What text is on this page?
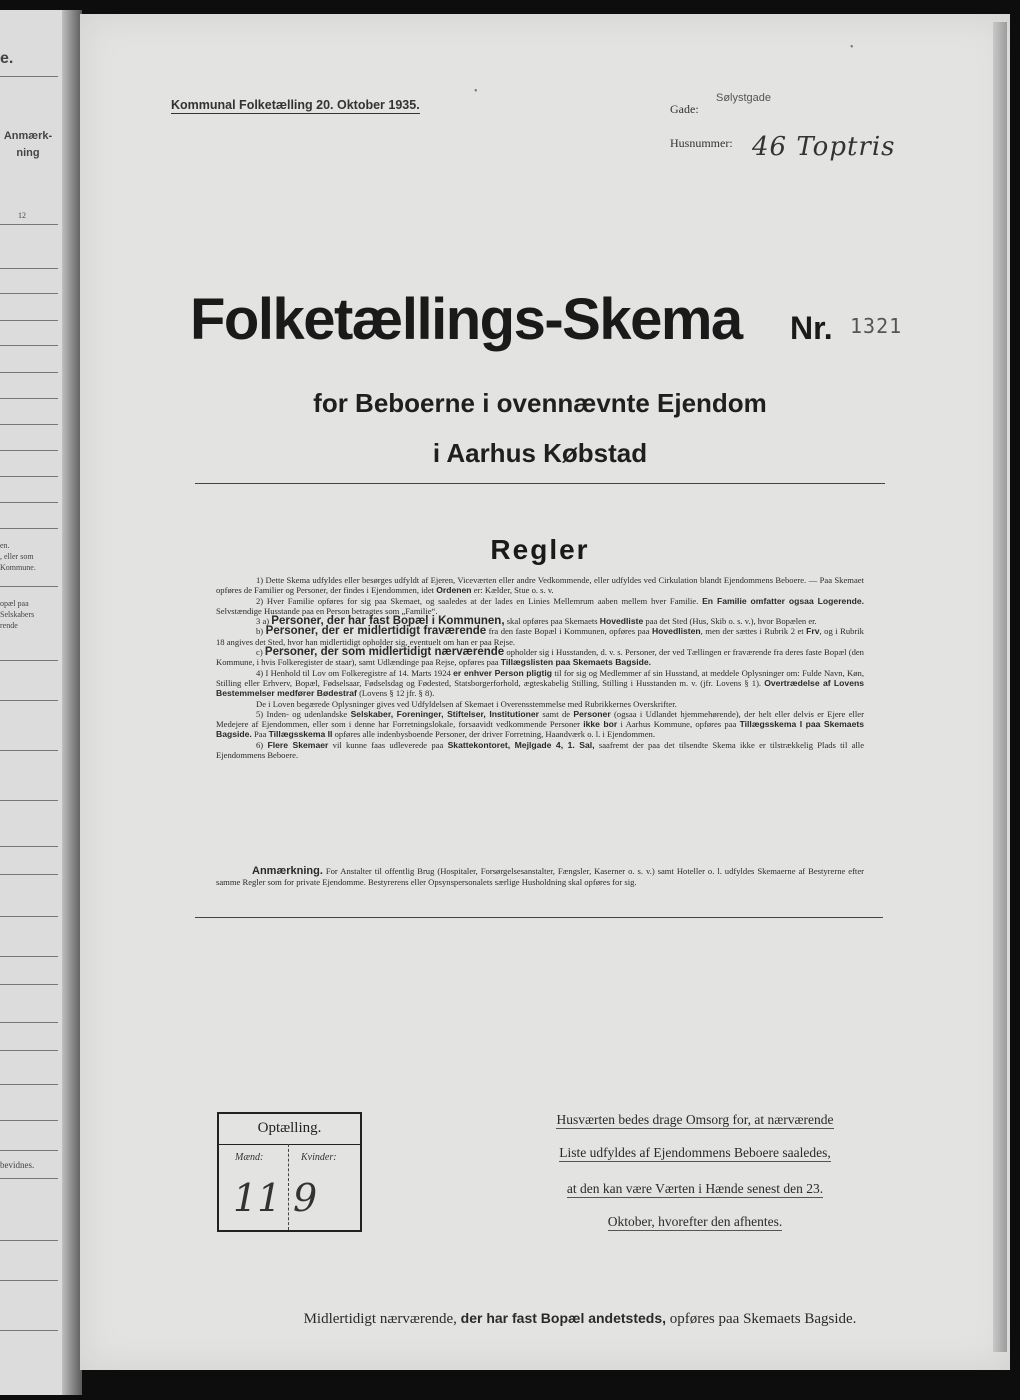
e.
Anmærk-
ning
12
en.
, eller som
Kommune.
opæl paa
Selskabers
rende
bevidnes.
Kommunal Folketælling 20. Oktober 1935.	Gade:
Sølystgade
Husnummer: 46 Toptris
Folketællings-Skema Nr. 1321
for Beboerne i ovennævnte Ejendom
i Aarhus Købstad
Regler

1) Dette Skema udfyldes eller besørges udfyldt af Ejeren, Viceværten eller andre Vedkommende, eller udfyldes ved Cirkulation blandt Ejendommens Beboere. — Paa Skemaet opføres de Familier og Personer, der findes i Ejendommen, idet Ordenen er: Kælder, Stue o. s. v.

2) Hver Familie opføres for sig paa Skemaet, og saaledes at der lades en Linies Mellemrum aaben mellem hver Familie. En Familie omfatter ogsaa Logerende. Selvstændige Husstande paa en Person betragtes som „Familie“.

3 a) Personer, der har fast Bopæl i Kommunen, skal opføres paa Skemaets Hovedliste paa det Sted (Hus, Skib o. s. v.), hvor Bopælen er.

b) Personer, der er midlertidigt fraværende fra den faste Bopæl i Kommunen, opføres paa Hovedlisten, men der sættes i Rubrik 2 et Frv, og i Rubrik 18 angives det Sted, hvor han midlertidigt opholder sig, eventuelt om han er paa Rejse.

c) Personer, der som midlertidigt nærværende opholder sig i Husstanden, d. v. s. Personer, der ved Tællingen er fraværende fra deres faste Bopæl (den Kommune, i hvis Folkeregister de staar), samt Udlændinge paa Rejse, opføres paa Tillægslisten paa Skemaets Bagside.

4) I Henhold til Lov om Folkeregistre af 14. Marts 1924 er enhver Person pligtig til for sig og Medlemmer af sin Husstand, at meddele Oplysninger om: Fulde Navn, Køn, Stilling eller Erhverv, Bopæl, Fødselsaar, Fødselsdag og Fødested, Statsborgerforhold, ægteskabelig Stilling, Stilling i Husstanden m. v. (jfr. Lovens § 1). Overtrædelse af Lovens Bestemmelser medfører Bødestraf (Lovens § 12 jfr. § 8).

De i Loven begærede Oplysninger gives ved Udfyldelsen af Skemaet i Overensstemmelse med Rubrikkernes Overskrifter.

5) Inden- og udenlandske Selskaber, Foreninger, Stiftelser, Institutioner samt de Personer (ogsaa i Udlandet hjemmehørende), der helt eller delvis er Ejere eller Medejere af Ejendommen, eller som i denne har Forretningslokale, forsaavidt vedkommende Personer ikke bor i Aarhus Kommune, opføres paa Tillægsskema I paa Skemaets Bagside. Paa Tillægsskema II opføres alle indenbysboende Personer, der driver Forretning, Haandværk o. l. i Ejendommen.

6) Flere Skemaer vil kunne faas udleverede paa Skattekontoret, Mejlgade 4, 1. Sal, saafremt der paa det tilsendte Skema ikke er tilstrækkelig Plads til alle Ejendommens Beboere.

Anmærkning. For Anstalter til offentlig Brug (Hospitaler, Forsørgelsesanstalter, Fængsler, Kaserner o. s. v.) samt Hoteller o. l. udfyldes Skemaerne af Bestyrerne efter samme Regler som for private Ejendomme. Bestyrerens eller Opsynspersonalets særlige Husholdning skal opføres for sig.

Optælling.
Mænd:	Kvinder:
11 9
Husværten bedes drage Omsorg for, at nærværende
Liste udfyldes af Ejendommens Beboere saaledes,
at den kan være Værten i Hænde senest den 23.
Oktober, hvorefter den afhentes.
Midlertidigt nærværende, der har fast Bopæl andetsteds, opføres paa Skemaets Bagside.
•
•
